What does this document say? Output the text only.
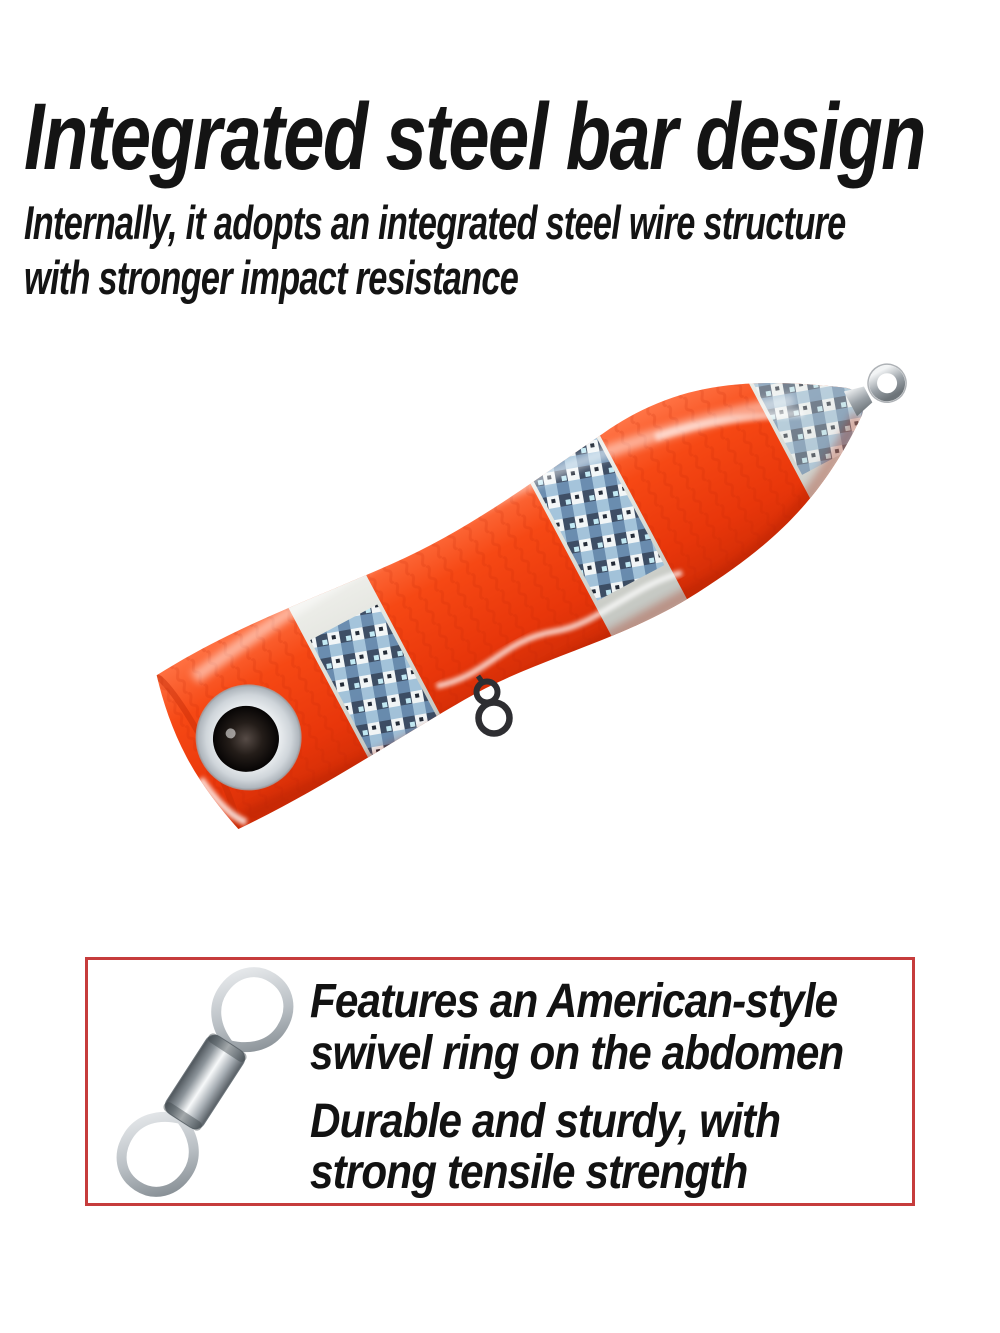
Integrated steel bar design
Internally, it adopts an integrated steel wire structure
with stronger impact resistance
Features an American-style
swivel ring on the abdomen
Durable and sturdy, with
strong tensile strength
